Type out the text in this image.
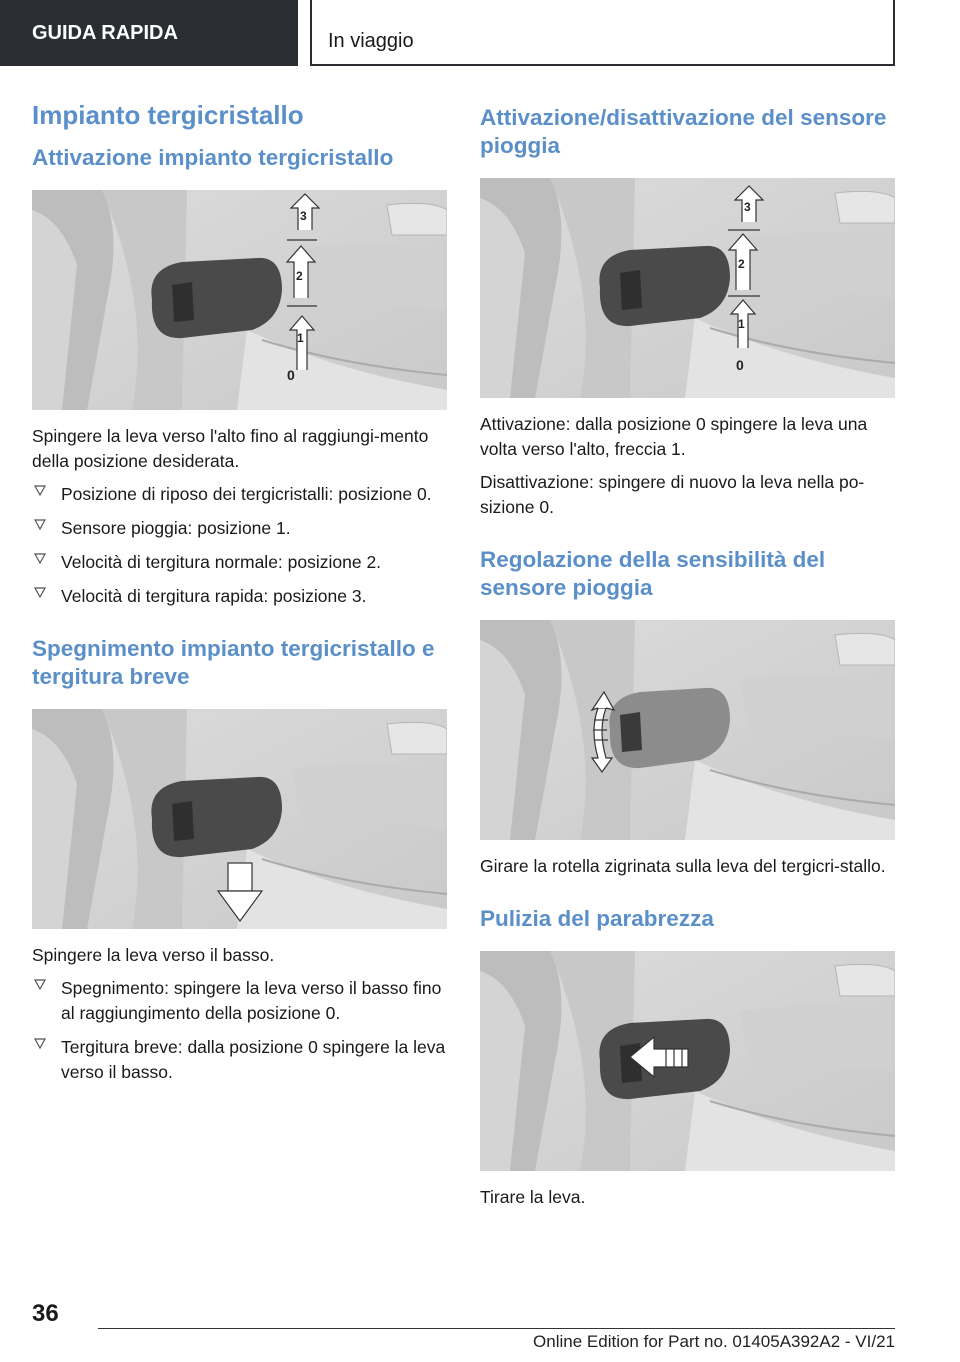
GUIDA RAPIDA	In viaggio
Impianto tergicristallo
Attivazione impianto tergicristallo
0
1
2
3

Spingere la leva verso l'alto fino al raggiungi-mento della posizione desiderata.

Posizione di riposo dei tergicristalli: posizione 0.
Sensore pioggia: posizione 1.
Velocità di tergitura normale: posizione 2.
Velocità di tergitura rapida: posizione 3.
Spegnimento impianto tergicristallo e tergitura breve

Spingere la leva verso il basso.

Spegnimento: spingere la leva verso il basso fino al raggiungimento della posizione 0.
Tergitura breve: dalla posizione 0 spingere la leva verso il basso.
Attivazione/disattivazione del sensore pioggia
0
1
2
3

Attivazione: dalla posizione 0 spingere la leva una volta verso l'alto, freccia 1.

Disattivazione: spingere di nuovo la leva nella po-sizione 0.

Regolazione della sensibilità del sensore pioggia

Girare la rotella zigrinata sulla leva del tergicri-stallo.

Pulizia del parabrezza

Tirare la leva.

36
Online Edition for Part no. 01405A392A2 - VI/21
